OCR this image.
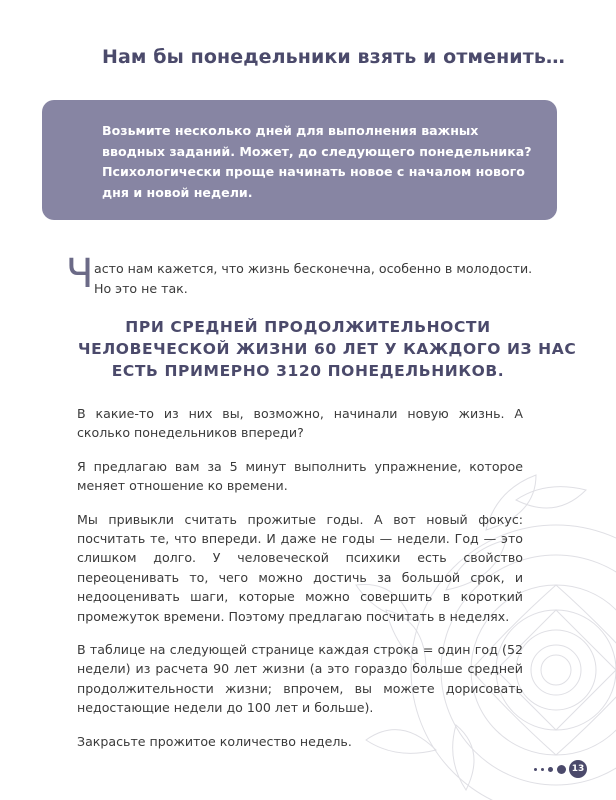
Нам бы понедельники взять и отменить…
Возьмите несколько дней для выполнения важных
вводных заданий. Может, до следующего понедельника?
Психологически проще начинать новое с началом нового
дня и новой недели.
Ч асто нам кажется, что жизнь бесконечна, особенно в молодости.

Но это не так.

ПРИ СРЕДНЕЙ ПРОДОЛЖИТЕЛЬНОСТИ
ЧЕЛОВЕЧЕСКОЙ ЖИЗНИ 60 ЛЕТ У КАЖДОГО ИЗ НАС
ЕСТЬ ПРИМЕРНО 3120 ПОНЕДЕЛЬНИКОВ.

В какие-то из них вы, возможно, начинали новую жизнь. А сколько понедельников впереди?

Я предлагаю вам за 5 минут выполнить упражнение, которое меняет отношение ко времени.

Мы привыкли считать прожитые годы. А вот новый фокус: посчитать те, что впереди. И даже не годы — недели. Год — это слишком долго. У человеческой психики есть свойство переоценивать то, чего можно достичь за большой срок, и недооценивать шаги, которые можно совершить в короткий промежуток времени. Поэтому предлагаю посчитать в неделях.

В таблице на следующей странице каждая строка = один год (52 недели) из расчета 90 лет жизни (а это гораздо больше средней продолжительности жизни; впрочем, вы можете дорисовать недостающие недели до 100 лет и больше).

Закрасьте прожитое количество недель.

13
